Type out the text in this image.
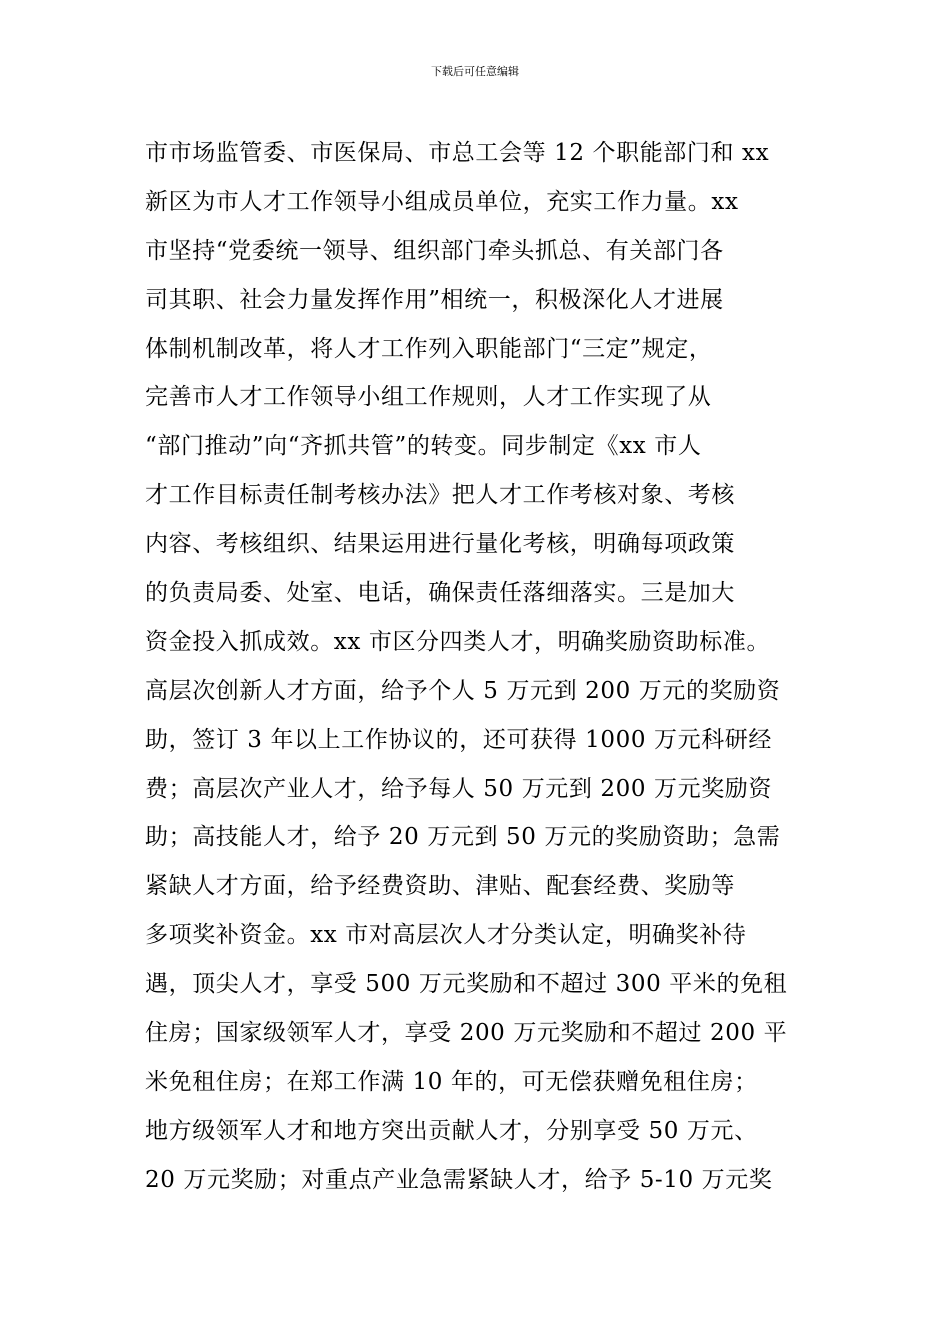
下载后可任意编辑
市市场监管委、市医保局、市总工会等 12 个职能部门和 xx
新区为市人才工作领导小组成员单位，充实工作力量。xx
市坚持“党委统一领导、组织部门牵头抓总、有关部门各
司其职、社会力量发挥作用”相统一，积极深化人才进展
体制机制改革，将人才工作列入职能部门“三定”规定，
完善市人才工作领导小组工作规则，人才工作实现了从
“部门推动”向“齐抓共管”的转变。同步制定《xx 市人
才工作目标责任制考核办法》把人才工作考核对象、考核
内容、考核组织、结果运用进行量化考核，明确每项政策
的负责局委、处室、电话，确保责任落细落实。三是加大
资金投入抓成效。xx 市区分四类人才，明确奖励资助标准。
高层次创新人才方面，给予个人 5 万元到 200 万元的奖励资
助，签订 3 年以上工作协议的，还可获得 1000 万元科研经
费；高层次产业人才，给予每人 50 万元到 200 万元奖励资
助；高技能人才，给予 20 万元到 50 万元的奖励资助；急需
紧缺人才方面，给予经费资助、津贴、配套经费、奖励等
多项奖补资金。xx 市对高层次人才分类认定，明确奖补待
遇，顶尖人才，享受 500 万元奖励和不超过 300 平米的免租
住房；国家级领军人才，享受 200 万元奖励和不超过 200 平
米免租住房；在郑工作满 10 年的，可无偿获赠免租住房；
地方级领军人才和地方突出贡献人才，分别享受 50 万元、
20 万元奖励；对重点产业急需紧缺人才，给予 5-10 万元奖
